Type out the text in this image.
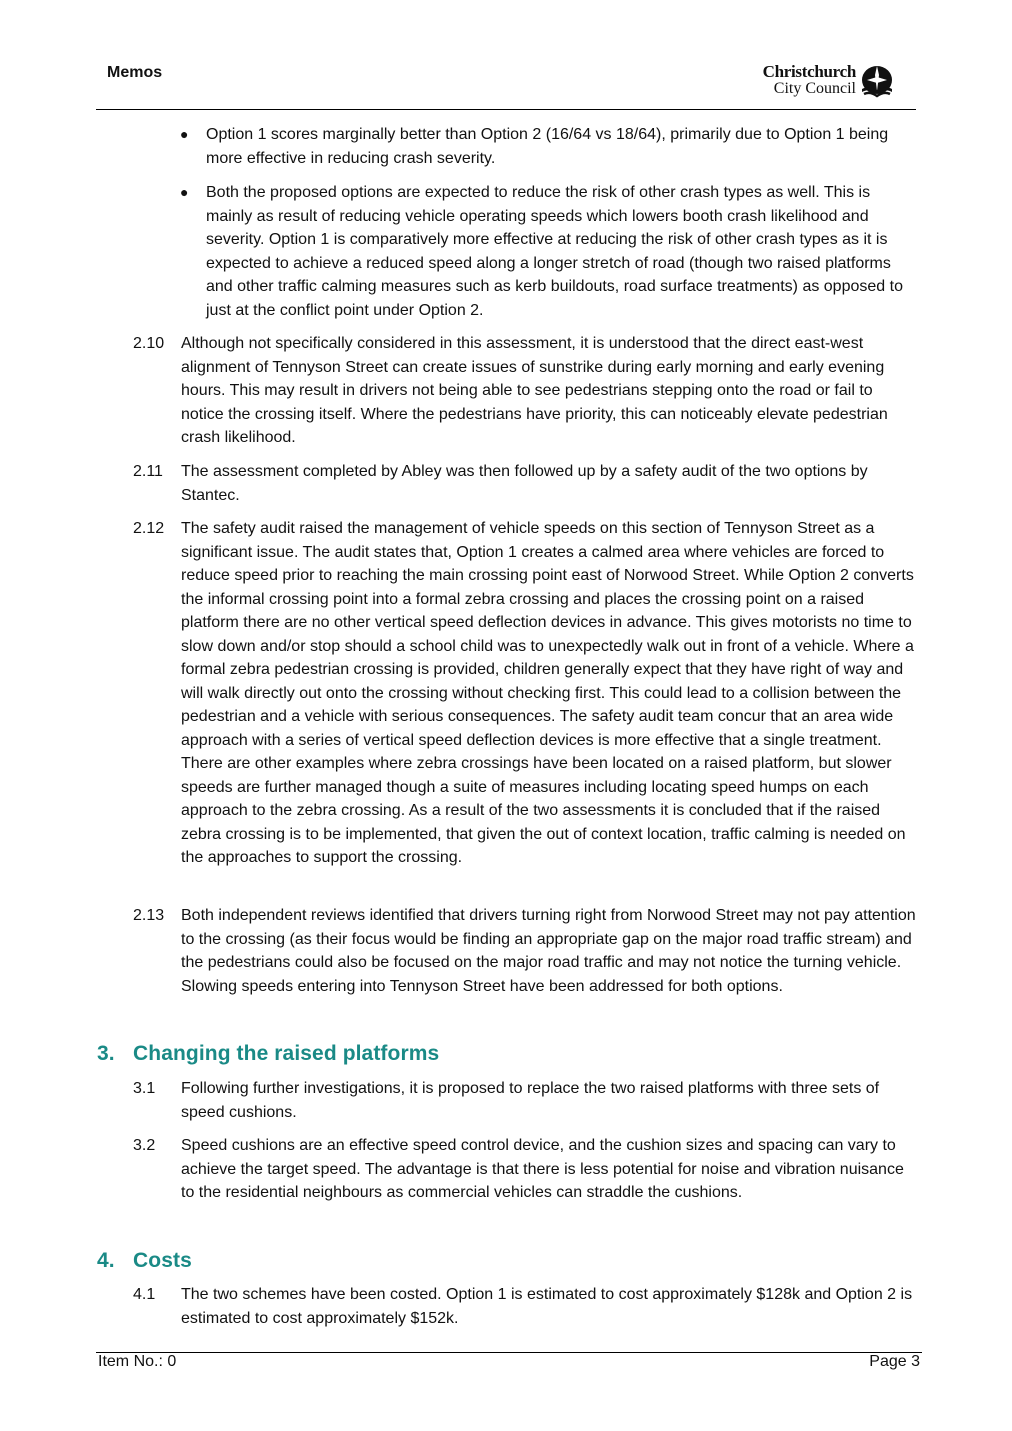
Memos	Christchurch
City Council
● Option 1 scores marginally better than Option 2 (16/64 vs 18/64), primarily due to Option 1 being more effective in reducing crash severity.
● Both the proposed options are expected to reduce the risk of other crash types as well. This is mainly as result of reducing vehicle operating speeds which lowers booth crash likelihood and severity. Option 1 is comparatively more effective at reducing the risk of other crash types as it is expected to achieve a reduced speed along a longer stretch of road (though two raised platforms and other traffic calming measures such as kerb buildouts, road surface treatments) as opposed to just at the conflict point under Option 2.
2.10 Although not specifically considered in this assessment, it is understood that the direct east-west alignment of Tennyson Street can create issues of sunstrike during early morning and early evening hours. This may result in drivers not being able to see pedestrians stepping onto the road or fail to notice the crossing itself. Where the pedestrians have priority, this can noticeably elevate pedestrian crash likelihood.
2.11 The assessment completed by Abley was then followed up by a safety audit of the two options by Stantec.
2.12 The safety audit raised the management of vehicle speeds on this section of Tennyson Street as a significant issue. The audit states that, Option 1 creates a calmed area where vehicles are forced to reduce speed prior to reaching the main crossing point east of Norwood Street. While Option 2 converts the informal crossing point into a formal zebra crossing and places the crossing point on a raised platform there are no other vertical speed deflection devices in advance. This gives motorists no time to slow down and/or stop should a school child was to unexpectedly walk out in front of a vehicle. Where a formal zebra pedestrian crossing is provided, children generally expect that they have right of way and will walk directly out onto the crossing without checking first. This could lead to a collision between the pedestrian and a vehicle with serious consequences. The safety audit team concur that an area wide approach with a series of vertical speed deflection devices is more effective that a single treatment. There are other examples where zebra crossings have been located on a raised platform, but slower speeds are further managed though a suite of measures including locating speed humps on each approach to the zebra crossing. As a result of the two assessments it is concluded that if the raised zebra crossing is to be implemented, that given the out of context location, traffic calming is needed on the approaches to support the crossing.
2.13 Both independent reviews identified that drivers turning right from Norwood Street may not pay attention to the crossing (as their focus would be finding an appropriate gap on the major road traffic stream) and the pedestrians could also be focused on the major road traffic and may not notice the turning vehicle. Slowing speeds entering into Tennyson Street have been addressed for both options.
3. Changing the raised platforms
3.1 Following further investigations, it is proposed to replace the two raised platforms with three sets of speed cushions.
3.2 Speed cushions are an effective speed control device, and the cushion sizes and spacing can vary to achieve the target speed. The advantage is that there is less potential for noise and vibration nuisance to the residential neighbours as commercial vehicles can straddle the cushions.
4. Costs
4.1 The two schemes have been costed. Option 1 is estimated to cost approximately $128k and Option 2 is estimated to cost approximately $152k.
Item No.: 0	Page 3
